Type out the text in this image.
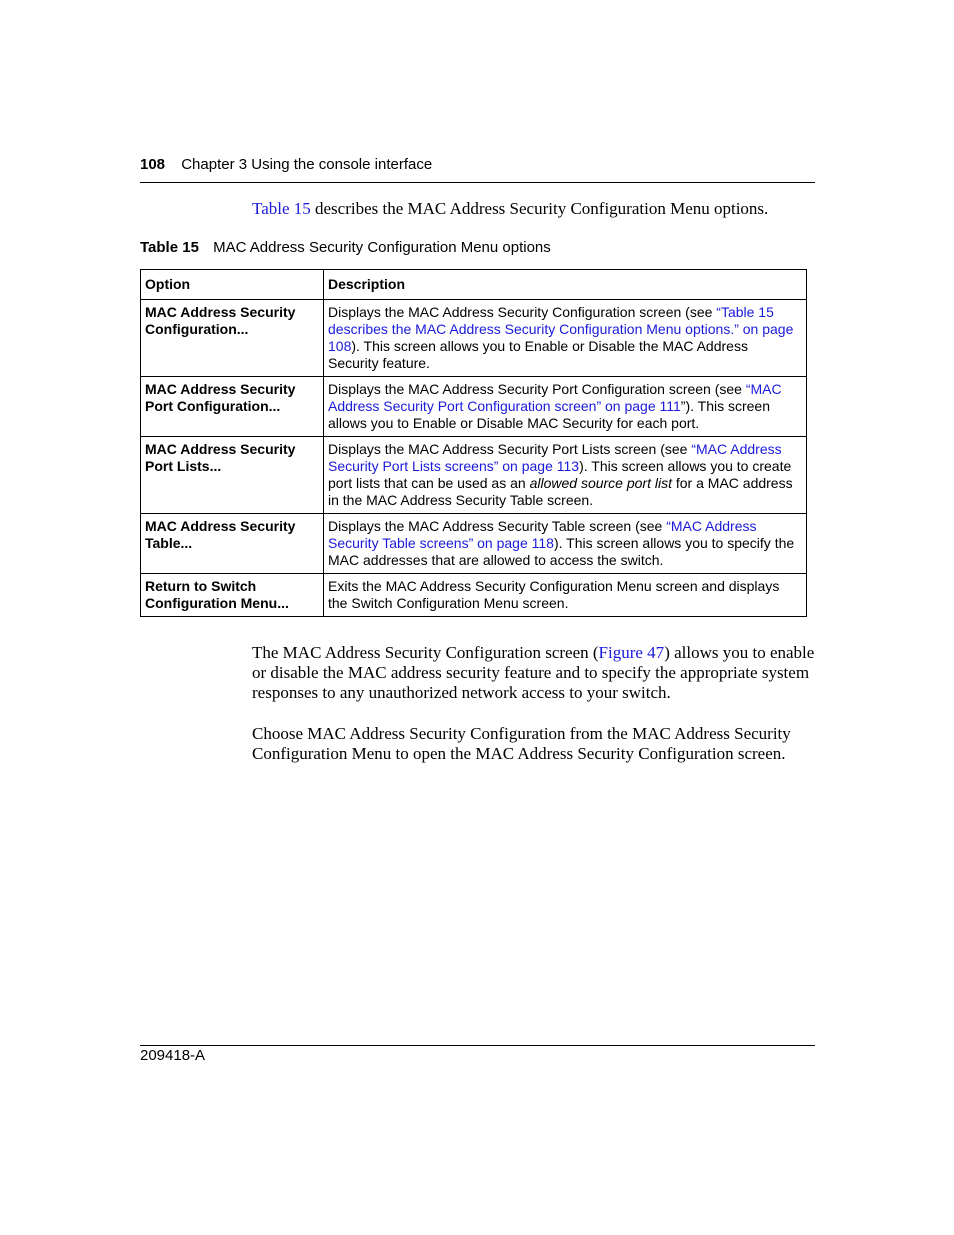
108 Chapter 3 Using the console interface
Table 15 describes the MAC Address Security Configuration Menu options.
Table 15 MAC Address Security Configuration Menu options
Option	Description
MAC Address Security Configuration...	Displays the MAC Address Security Configuration screen (see “Table 15 describes the MAC Address Security Configuration Menu options.” on page 108). This screen allows you to Enable or Disable the MAC Address Security feature.
MAC Address Security Port Configuration...	Displays the MAC Address Security Port Configuration screen (see “MAC Address Security Port Configuration screen” on page 111”). This screen allows you to Enable or Disable MAC Security for each port.
MAC Address Security Port Lists...	Displays the MAC Address Security Port Lists screen (see “MAC Address Security Port Lists screens” on page 113). This screen allows you to create port lists that can be used as an allowed source port list for a MAC address in the MAC Address Security Table screen.
MAC Address Security Table...	Displays the MAC Address Security Table screen (see “MAC Address Security Table screens” on page 118). This screen allows you to specify the MAC addresses that are allowed to access the switch.
Return to Switch Configuration Menu...	Exits the MAC Address Security Configuration Menu screen and displays the Switch Configuration Menu screen.
The MAC Address Security Configuration screen (Figure 47) allows you to enable or disable the MAC address security feature and to specify the appropriate system responses to any unauthorized network access to your switch.
Choose MAC Address Security Configuration from the MAC Address Security Configuration Menu to open the MAC Address Security Configuration screen.
209418-A
